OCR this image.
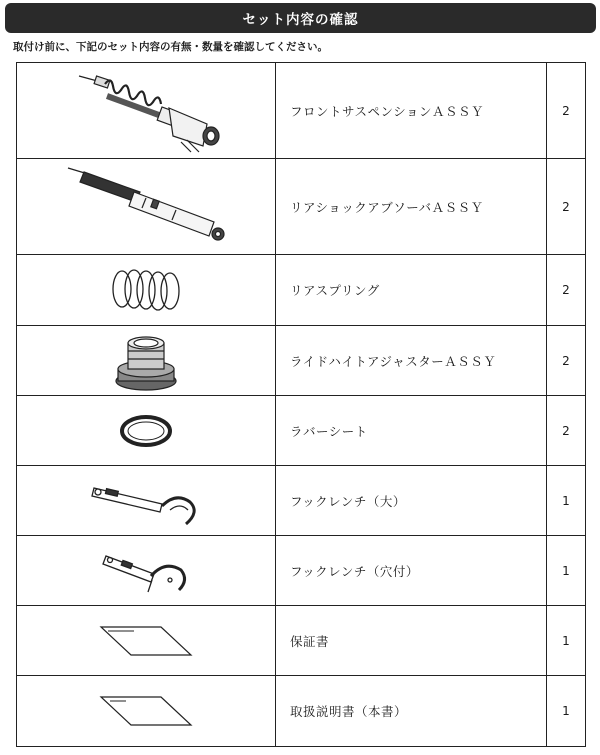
セット内容の確認
取付け前に、下記のセット内容の有無・数量を確認してください。
	フロントサスペンションＡＳＳＹ	2

	リアショックアブソーバＡＳＳＹ	2

	リアスプリング	2

	ライドハイトアジャスターＡＳＳＹ	2

	ラバーシート	2

	フックレンチ（大）	1

	フックレンチ（穴付）	1

	保証書	1

	取扱説明書（本書）	1
